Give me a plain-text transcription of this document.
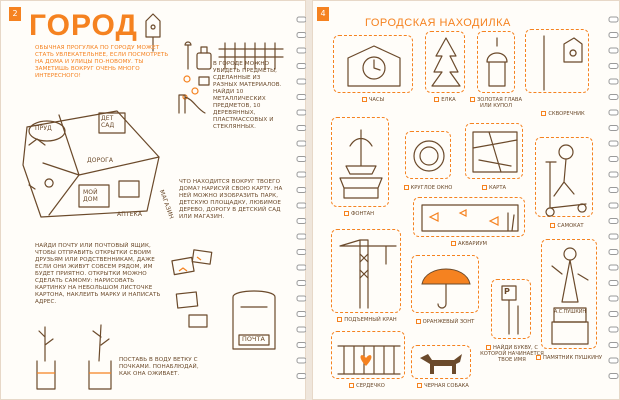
2 ГОРОД
ОБЫЧНАЯ ПРОГУЛКА ПО ГОРОДУ МОЖЕТ СТАТЬ УВЛЕКАТЕЛЬНЕЕ, ЕСЛИ ПОСМОТРЕТЬ НА ДОМА И УЛИЦЫ ПО-НОВОМУ. ТЫ ЗАМЕТИШЬ ВОКРУГ ОЧЕНЬ МНОГО ИНТЕРЕСНОГО!
В ГОРОДЕ МОЖНО УВИДЕТЬ ПРЕДМЕТЫ, СДЕЛАННЫЕ ИЗ РАЗНЫХ МАТЕРИАЛОВ. НАЙДИ 10 МЕТАЛЛИЧЕСКИХ ПРЕДМЕТОВ, 10 ДЕРЕВЯННЫХ, ПЛАСТМАССОВЫХ И СТЕКЛЯННЫХ.
ПРУД
ДЕТ САД
ДОРОГА
МОЙ ДОМ
АПТЕКА	МАГАЗИН
ЧТО НАХОДИТСЯ ВОКРУГ ТВОЕГО ДОМА? НАРИСУЙ СВОЮ КАРТУ. НА НЕЙ МОЖНО ИЗОБРАЗИТЬ ПАРК, ДЕТСКУЮ ПЛОЩАДКУ, ЛЮБИМОЕ ДЕРЕВО, ДОРОГУ В ДЕТСКИЙ САД ИЛИ МАГАЗИН.
НАЙДИ ПОЧТУ ИЛИ ПОЧТОВЫЙ ЯЩИК, ЧТОБЫ ОТПРАВИТЬ ОТКРЫТКИ СВОИМ ДРУЗЬЯМ ИЛИ РОДСТВЕННИКАМ, ДАЖЕ ЕСЛИ ОНИ ЖИВУТ СОВСЕМ РЯДОМ, ИМ БУДЕТ ПРИЯТНО. ОТКРЫТКИ МОЖНО СДЕЛАТЬ САМОМУ: НАРИСОВАТЬ КАРТИНКУ НА НЕБОЛЬШОМ ЛИСТОЧКЕ КАРТОНА, НАКЛЕИТЬ МАРКУ И НАПИСАТЬ АДРЕС.
ПОЧТА
ПОСТАВЬ В ВОДУ ВЕТКУ С ПОЧКАМИ. ПОНАБЛЮДАЙ, КАК ОНА ОЖИВАЕТ.
4
ГОРОДСКАЯ НАХОДИЛКА
ЧАСЫ	ЕЛКА	ЗОЛОТАЯ ГЛАВА ИЛИ КУПОЛ
СКВОРЕЧНИК
ФОНТАН
КРУГЛОЕ ОКНО	КАРТА
САМОКАТ
АКВАРИУМ
ПОДЪЕМНЫЙ КРАН	ОРАНЖЕВЫЙ ЗОНТ
Р
НАЙДИ БУКВУ, С КОТОРОЙ НАЧИНАЕТСЯ ТВОЕ ИМЯ
А.С.ПУШКИН
ПАМЯТНИК ПУШКИНУ
СЕРДЕЧКО	ЧЕРНАЯ СОБАКА
